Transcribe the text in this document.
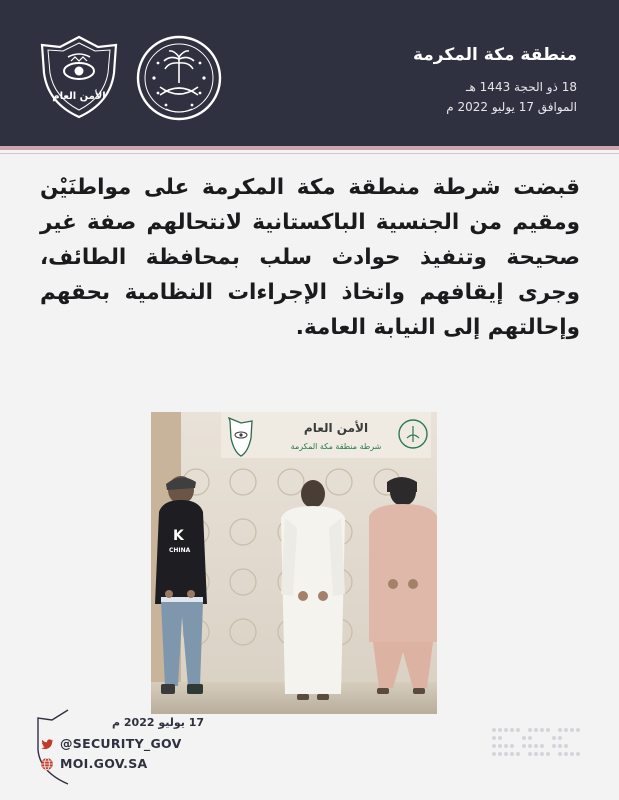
الأمن العام
منطقة مكة المكرمة
18 ذو الحجة 1443 هـ
الموافق 17 يوليو 2022 م
قبضت شرطة منطقة مكة المكرمة على مواطنَيْن ومقيم من الجنسية الباكستانية لانتحالهم صفة غير صحيحة وتنفيذ حوادث سلب بمحافظة الطائف، وجرى إيقافهم واتخاذ الإجراءات النظامية بحقهم وإحالتهم إلى النيابة العامة.
الأمن العام
شرطة منطقة مكة المكرمة
K
CHINA
17 يوليو 2022 م
@SECURITY_GOV
MOI.GOV.SA
